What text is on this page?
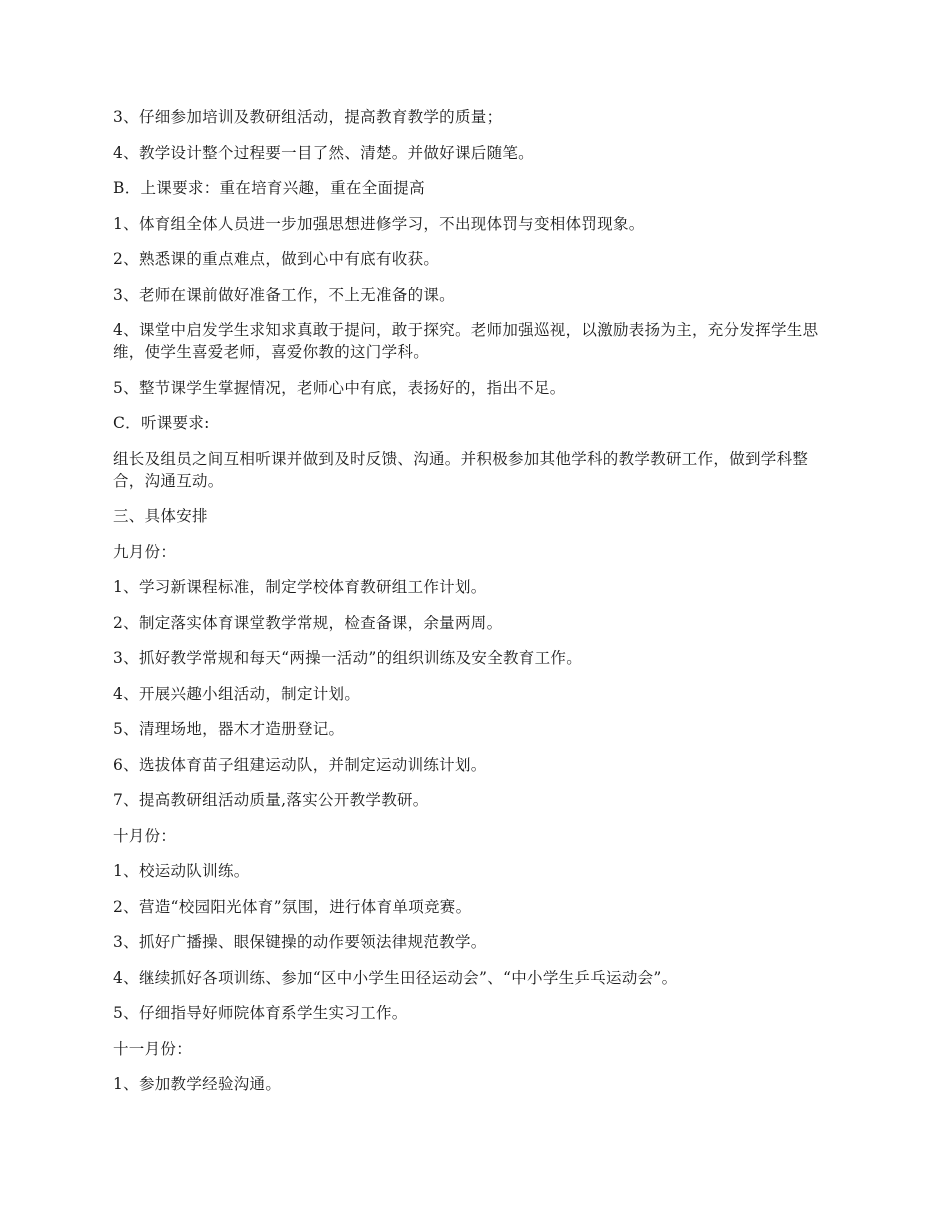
3、仔细参加培训及教研组活动，提高教育教学的质量；

4、教学设计整个过程要一目了然、清楚。并做好课后随笔。

B．上课要求：重在培育兴趣，重在全面提高

1、体育组全体人员进一步加强思想进修学习，不出现体罚与变相体罚现象。

2、熟悉课的重点难点，做到心中有底有收获。

3、老师在课前做好准备工作，不上无准备的课。

4、课堂中启发学生求知求真敢于提问，敢于探究。老师加强巡视，以激励表扬为主，充分发挥学生思维，使学生喜爱老师，喜爱你教的这门学科。

5、整节课学生掌握情况，老师心中有底，表扬好的，指出不足。

C．听课要求:

组长及组员之间互相听课并做到及时反馈、沟通。并积极参加其他学科的教学教研工作，做到学科整合，沟通互动。

三、具体安排

九月份：

1、学习新课程标准，制定学校体育教研组工作计划。

2、制定落实体育课堂教学常规，检查备课，余量两周。

3、抓好教学常规和每天“两操一活动”的组织训练及安全教育工作。

4、开展兴趣小组活动，制定计划。

5、清理场地，器木才造册登记。

6、选拔体育苗子组建运动队，并制定运动训练计划。

7、提高教研组活动质量,落实公开教学教研。

十月份：

1、校运动队训练。

2、营造“校园阳光体育”氛围，进行体育单项竞赛。

3、抓好广播操、眼保键操的动作要领法律规范教学。

4、继续抓好各项训练、参加“区中小学生田径运动会”、“中小学生乒乓运动会”。

5、仔细指导好师院体育系学生实习工作。

十一月份：

1、参加教学经验沟通。
